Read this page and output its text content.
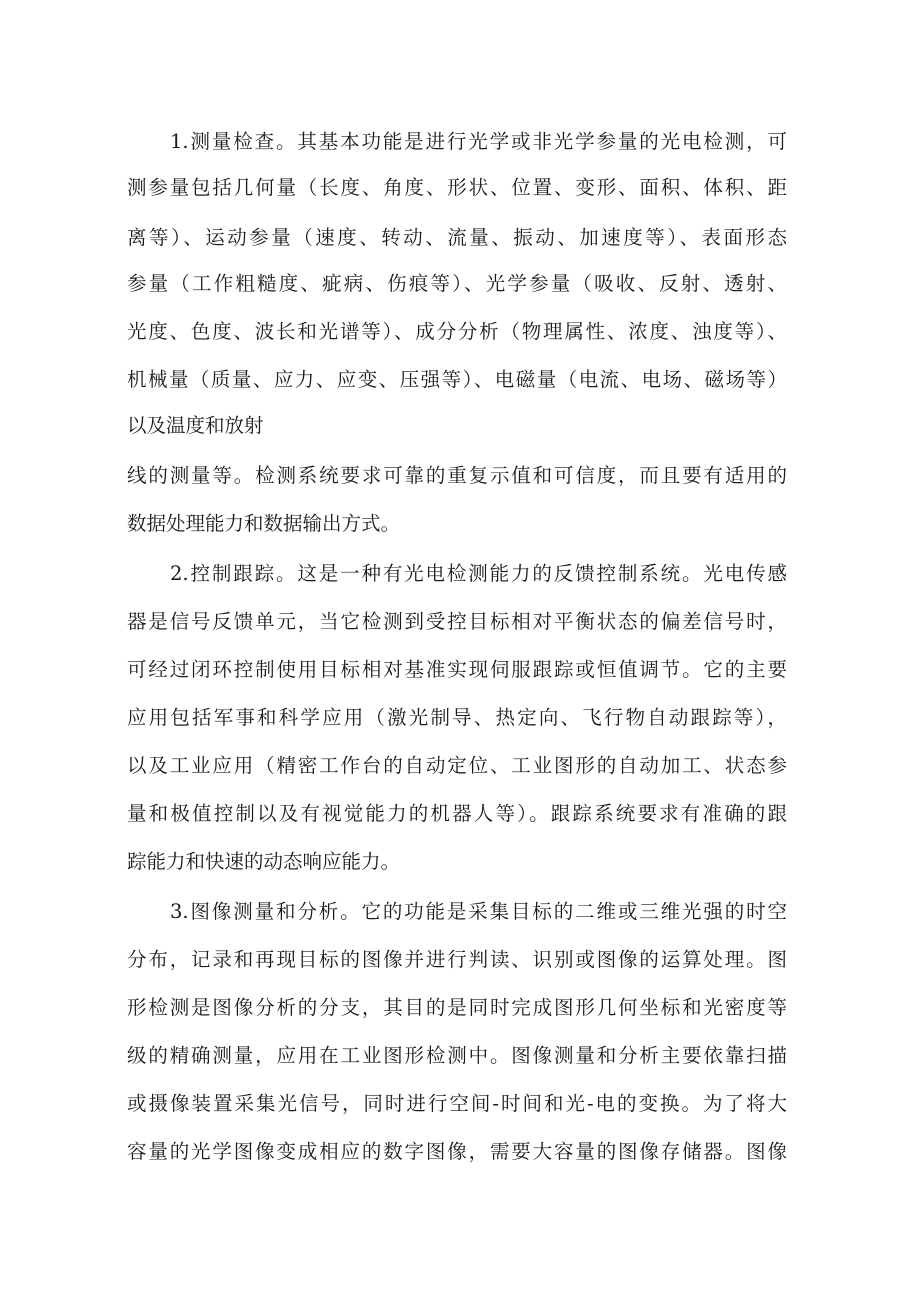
1.测量检查。其基本功能是进行光学或非光学参量的光电检测，可

测参量包括几何量（长度、角度、形状、位置、变形、面积、体积、距

离等）、运动参量（速度、转动、流量、振动、加速度等）、表面形态

参量（工作粗糙度、疵病、伤痕等）、光学参量（吸收、反射、透射、

光度、色度、波长和光谱等）、成分分析（物理属性、浓度、浊度等）、

机械量（质量、应力、应变、压强等）、电磁量（电流、电场、磁场等）

以及温度和放射

线的测量等。检测系统要求可靠的重复示值和可信度，而且要有适用的

数据处理能力和数据输出方式。

2.控制跟踪。这是一种有光电检测能力的反馈控制系统。光电传感

器是信号反馈单元，当它检测到受控目标相对平衡状态的偏差信号时，

可经过闭环控制使用目标相对基准实现伺服跟踪或恒值调节。它的主要

应用包括军事和科学应用（激光制导、热定向、飞行物自动跟踪等），

以及工业应用（精密工作台的自动定位、工业图形的自动加工、状态参

量和极值控制以及有视觉能力的机器人等）。跟踪系统要求有准确的跟

踪能力和快速的动态响应能力。

3.图像测量和分析。它的功能是采集目标的二维或三维光强的时空

分布，记录和再现目标的图像并进行判读、识别或图像的运算处理。图

形检测是图像分析的分支，其目的是同时完成图形几何坐标和光密度等

级的精确测量，应用在工业图形检测中。图像测量和分析主要依靠扫描

或摄像装置采集光信号，同时进行空间-时间和光-电的变换。为了将大

容量的光学图像变成相应的数字图像，需要大容量的图像存储器。图像
